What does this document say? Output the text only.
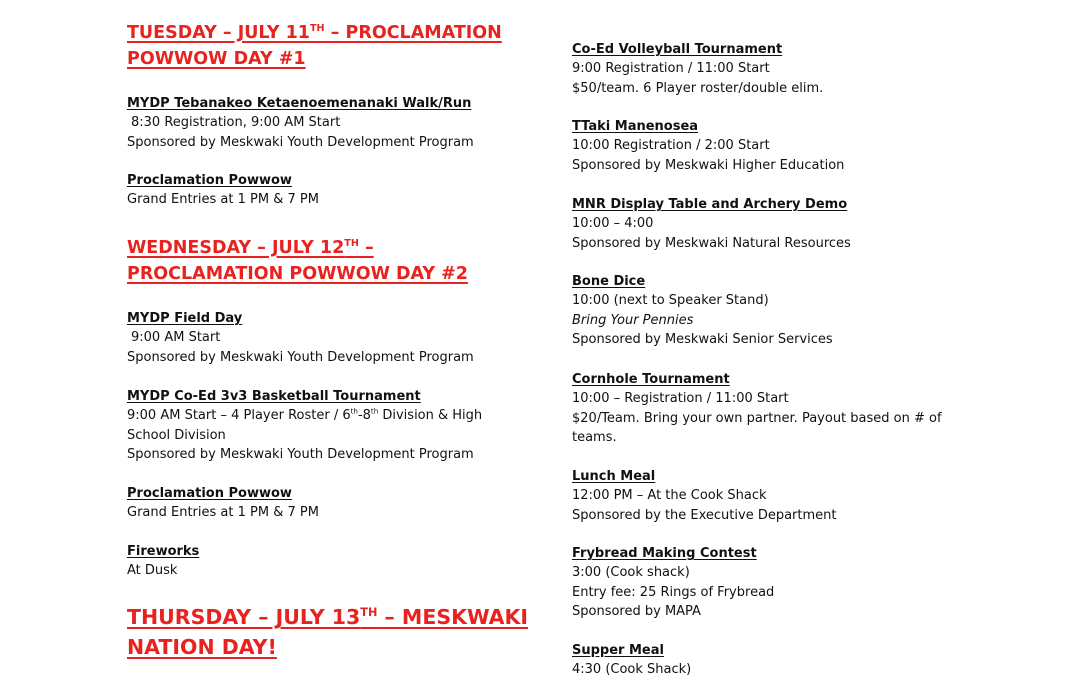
TUESDAY – JULY 11TH – PROCLAMATION
POWWOW DAY #1
MYDP Tebanakeo Ketaenoemenanaki Walk/Run
8:30 Registration, 9:00 AM Start
Sponsored by Meskwaki Youth Development Program
Proclamation Powwow
Grand Entries at 1 PM & 7 PM
WEDNESDAY – JULY 12TH –
PROCLAMATION POWWOW DAY #2
MYDP Field Day
9:00 AM Start
Sponsored by Meskwaki Youth Development Program
MYDP Co-Ed 3v3 Basketball Tournament
9:00 AM Start – 4 Player Roster / 6th-8th Division & High School Division
Sponsored by Meskwaki Youth Development Program
Proclamation Powwow
Grand Entries at 1 PM & 7 PM
Fireworks
At Dusk
THURSDAY – JULY 13TH – MESKWAKI
NATION DAY!
Co-Ed Volleyball Tournament
9:00 Registration / 11:00 Start
$50/team. 6 Player roster/double elim.
TTaki Manenosea
10:00 Registration / 2:00 Start
Sponsored by Meskwaki Higher Education
MNR Display Table and Archery Demo
10:00 – 4:00
Sponsored by Meskwaki Natural Resources
Bone Dice
10:00 (next to Speaker Stand)
Bring Your Pennies
Sponsored by Meskwaki Senior Services
Cornhole Tournament
10:00 – Registration / 11:00 Start
$20/Team. Bring your own partner. Payout based on # of teams.
Lunch Meal
12:00 PM – At the Cook Shack
Sponsored by the Executive Department
Frybread Making Contest
3:00 (Cook shack)
Entry fee: 25 Rings of Frybread
Sponsored by MAPA
Supper Meal
4:30 (Cook Shack)
